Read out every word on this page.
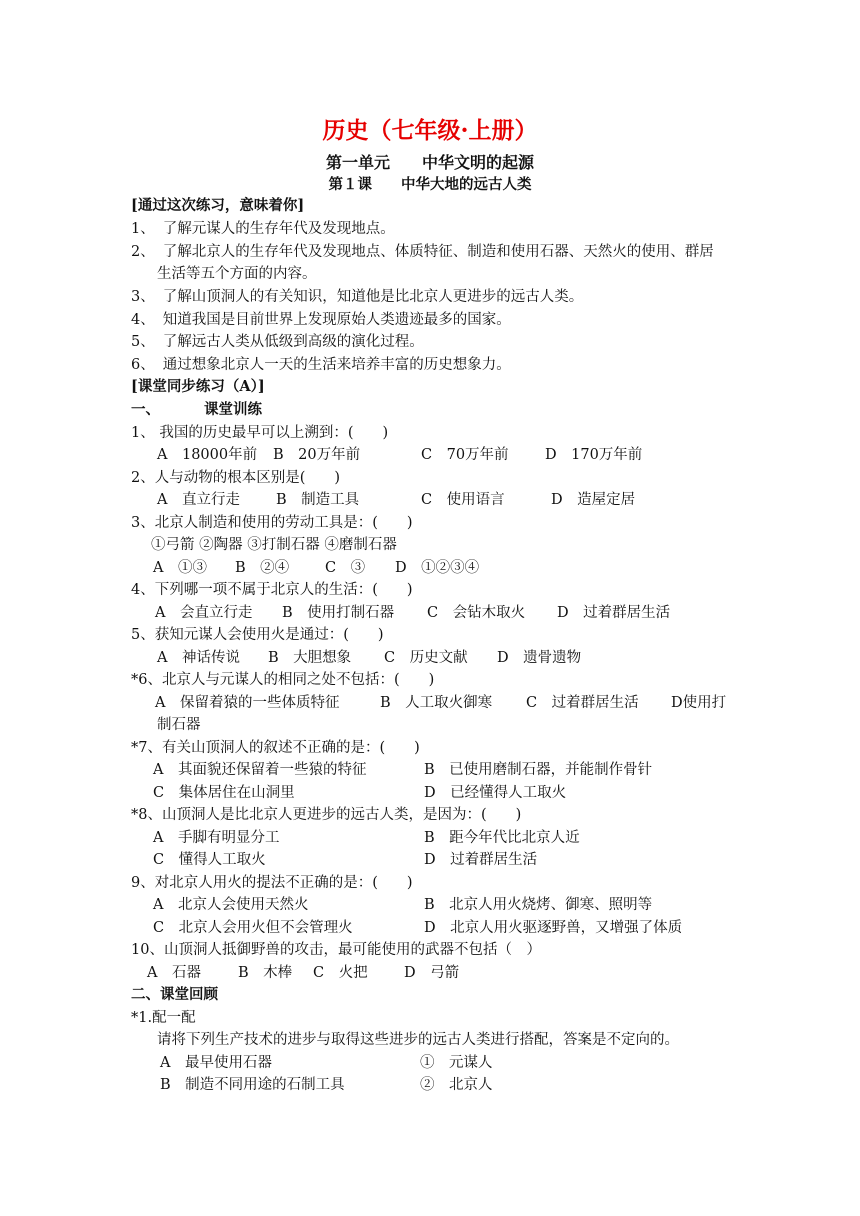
历史（七年级·上册）
第一单元　　中华文明的起源
第１课　　中华大地的远古人类
[通过这次练习，意味着你]
1、 了解元谋人的生存年代及发现地点。
2、 了解北京人的生存年代及发现地点、体质特征、制造和使用石器、天然火的使用、群居
生活等五个方面的内容。
3、 了解山顶洞人的有关知识，知道他是比北京人更进步的远古人类。
4、 知道我国是目前世界上发现原始人类遗迹最多的国家。
5、 了解远古人类从低级到高级的演化过程。
6、 通过想象北京人一天的生活来培养丰富的历史想象力。
[课堂同步练习（A）]
一、	课堂训练
1、 我国的历史最早可以上溯到：(　　)
A　18000年前 B　20万年前	C　70万年前	D　170万年前
2、人与动物的根本区别是(　　)
A　直立行走 B　制造工具	C　使用语言	D　造屋定居
3、北京人制造和使用的劳动工具是：(　　)
①弓箭 ②陶器 ③打制石器 ④磨制石器
A　①③ B　②④ C　③ D　①②③④
4、下列哪一项不属于北京人的生活：(　　)
A　会直立行走 B　使用打制石器 C　会钻木取火 D　过着群居生活
5、获知元谋人会使用火是通过：(　　)
A　神话传说 B　大胆想象 C　历史文献 D　遗骨遗物
*6、北京人与元谋人的相同之处不包括：(　　)
A　保留着猿的一些体质特征	B　人工取火御寒 C　过着群居生活 D使用打
制石器
*7、有关山顶洞人的叙述不正确的是：(　　)
A　其面貌还保留着一些猿的特征	B　已使用磨制石器，并能制作骨针
C　集体居住在山洞里	D　已经懂得人工取火
*8、山顶洞人是比北京人更进步的远古人类，是因为：(　　)
A　手脚有明显分工	B　距今年代比北京人近
C　懂得人工取火	D　过着群居生活
9、对北京人用火的提法不正确的是：(　　)
A　北京人会使用天然火	B　北京人用火烧烤、御寒、照明等
C　北京人会用火但不会管理火	D　北京人用火驱逐野兽，又增强了体质
10、山顶洞人抵御野兽的攻击，最可能使用的武器不包括（　）
A　石器	B　木棒 C　火把	D　弓箭
二、课堂回顾
*1.配一配
请将下列生产技术的进步与取得这些进步的远古人类进行搭配，答案是不定向的。
A　最早使用石器	①　元谋人
B　制造不同用途的石制工具	②　北京人
